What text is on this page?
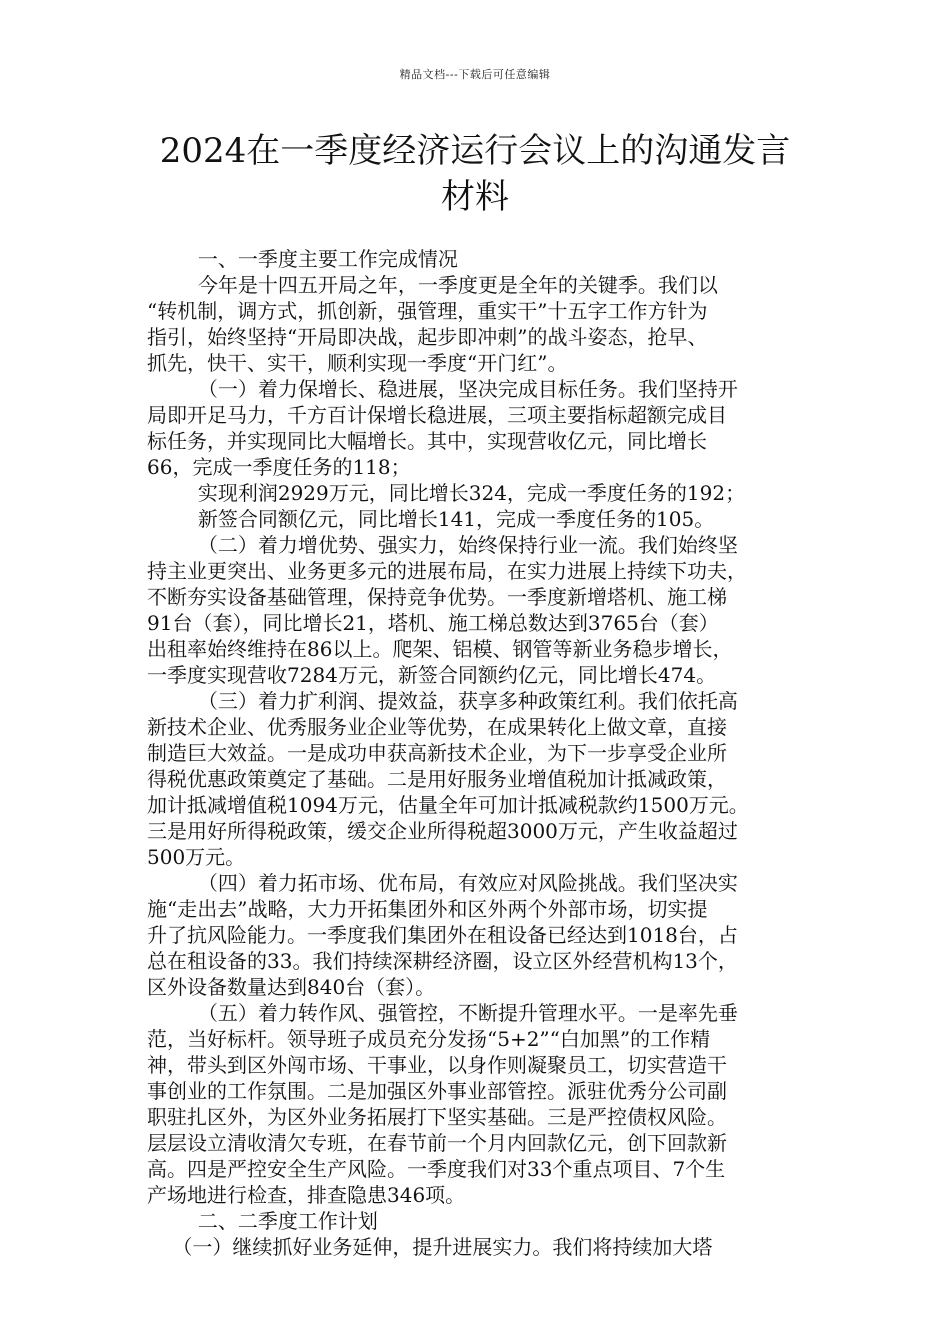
精品文档---下载后可任意编辑
2024在一季度经济运行会议上的沟通发言
材料
一、一季度主要工作完成情况
今年是十四五开局之年，一季度更是全年的关键季。我们以
“转机制，调方式，抓创新，强管理，重实干”十五字工作方针为
指引，始终坚持“开局即决战，起步即冲刺”的战斗姿态，抢早、
抓先，快干、实干，顺利实现一季度“开门红”。
（一）着力保增长、稳进展，坚决完成目标任务。我们坚持开
局即开足马力，千方百计保增长稳进展，三项主要指标超额完成目
标任务，并实现同比大幅增长。其中，实现营收亿元，同比增长
66，完成一季度任务的118；
实现利润2929万元，同比增长324，完成一季度任务的192；
新签合同额亿元，同比增长141，完成一季度任务的105。
（二）着力增优势、强实力，始终保持行业一流。我们始终坚
持主业更突出、业务更多元的进展布局，在实力进展上持续下功夫，
不断夯实设备基础管理，保持竞争优势。一季度新增塔机、施工梯
91台（套），同比增长21，塔机、施工梯总数达到3765台（套）
出租率始终维持在86以上。爬架、铝模、钢管等新业务稳步增长，
一季度实现营收7284万元，新签合同额约亿元，同比增长474。
（三）着力扩利润、提效益，获享多种政策红利。我们依托高
新技术企业、优秀服务业企业等优势，在成果转化上做文章，直接
制造巨大效益。一是成功申获高新技术企业，为下一步享受企业所
得税优惠政策奠定了基础。二是用好服务业增值税加计抵减政策，
加计抵减增值税1094万元，估量全年可加计抵减税款约1500万元。
三是用好所得税政策，缓交企业所得税超3000万元，产生收益超过
500万元。
（四）着力拓市场、优布局，有效应对风险挑战。我们坚决实
施“走出去”战略，大力开拓集团外和区外两个外部市场，切实提
升了抗风险能力。一季度我们集团外在租设备已经达到1018台，占
总在租设备的33。我们持续深耕经济圈，设立区外经营机构13个，
区外设备数量达到840台（套）。
（五）着力转作风、强管控，不断提升管理水平。一是率先垂
范，当好标杆。领导班子成员充分发扬“5+2”“白加黑”的工作精
神，带头到区外闯市场、干事业，以身作则凝聚员工，切实营造干
事创业的工作氛围。二是加强区外事业部管控。派驻优秀分公司副
职驻扎区外，为区外业务拓展打下坚实基础。三是严控债权风险。
层层设立清收清欠专班，在春节前一个月内回款亿元，创下回款新
高。四是严控安全生产风险。一季度我们对33个重点项目、7个生
产场地进行检查，排查隐患346项。
二、二季度工作计划
（一）继续抓好业务延伸，提升进展实力。我们将持续加大塔
